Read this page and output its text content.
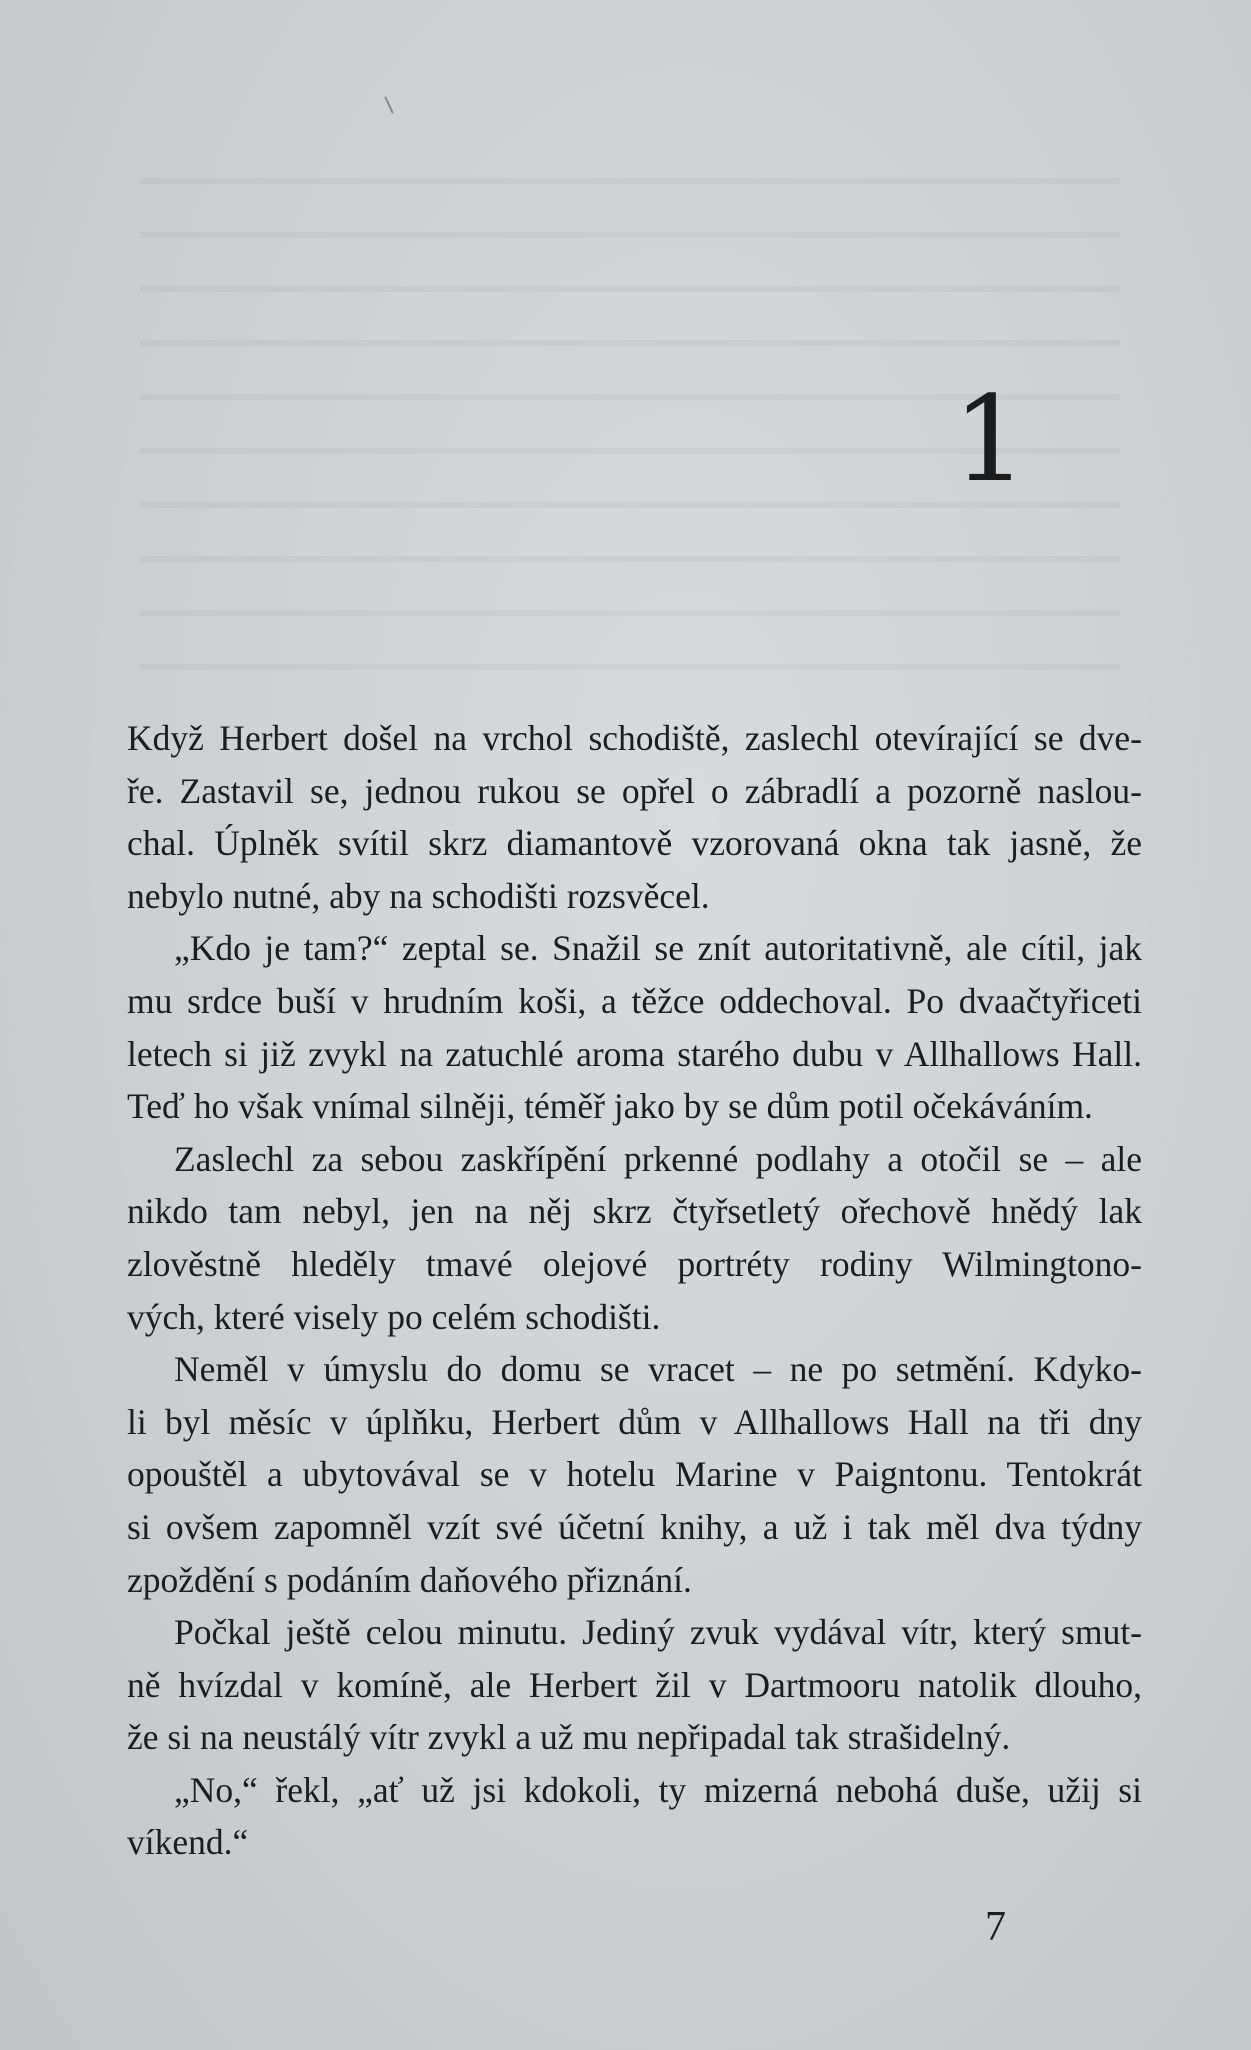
1

Když Herbert došel na vrchol schodiště, zaslechl otevírající se dve-

ře. Zastavil se, jednou rukou se opřel o zábradlí a pozorně naslou-

chal. Úplněk svítil skrz diamantově vzorovaná okna tak jasně, že

nebylo nutné, aby na schodišti rozsvěcel.

„Kdo je tam?“ zeptal se. Snažil se znít autoritativně, ale cítil, jak

mu srdce buší v hrudním koši, a těžce oddechoval. Po dvaačtyřiceti

letech si již zvykl na zatuchlé aroma starého dubu v Allhallows Hall.

Teď ho však vnímal silněji, téměř jako by se dům potil očekáváním.

Zaslechl za sebou zaskřípění prkenné podlahy a otočil se – ale

nikdo tam nebyl, jen na něj skrz čtyřsetletý ořechově hnědý lak

zlověstně hleděly tmavé olejové portréty rodiny Wilmingtono-

vých, které visely po celém schodišti.

Neměl v úmyslu do domu se vracet – ne po setmění. Kdyko-

li byl měsíc v úplňku, Herbert dům v Allhallows Hall na tři dny

opouštěl a ubytovával se v hotelu Marine v Paigntonu. Tentokrát

si ovšem zapomněl vzít své účetní knihy, a už i tak měl dva týdny

zpoždění s podáním daňového přiznání.

Počkal ještě celou minutu. Jediný zvuk vydával vítr, který smut-

ně hvízdal v komíně, ale Herbert žil v Dartmooru natolik dlouho,

že si na neustálý vítr zvykl a už mu nepřipadal tak strašidelný.

„No,“ řekl, „ať už jsi kdokoli, ty mizerná nebohá duše, užij si

víkend.“

7
